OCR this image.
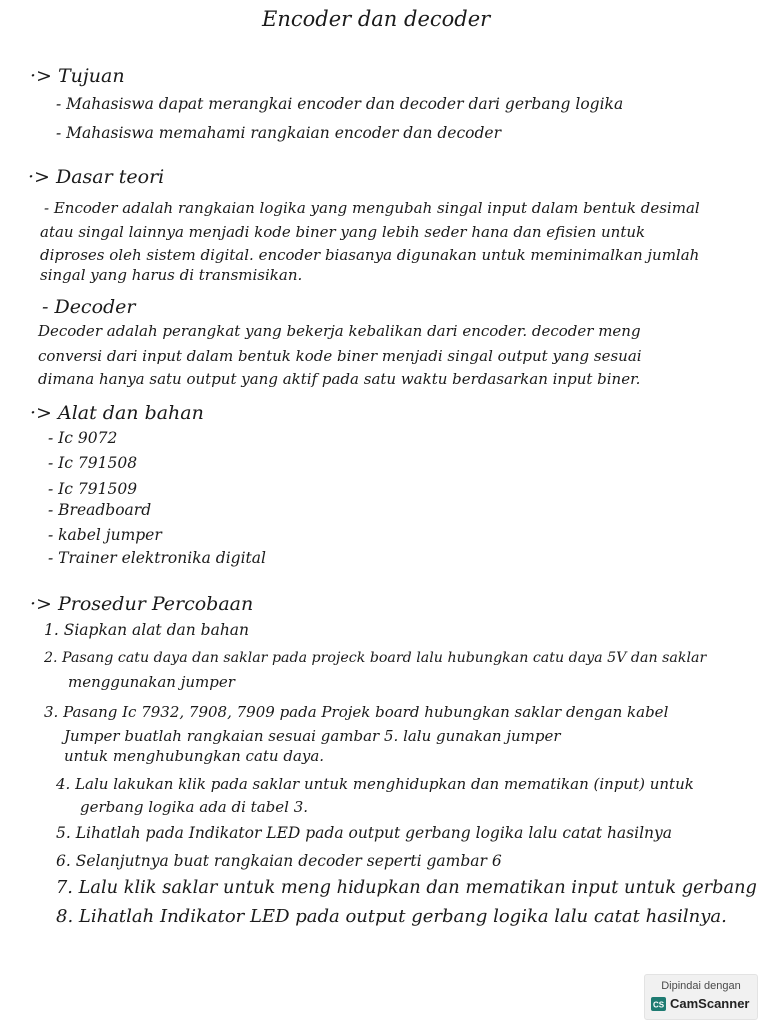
Encoder dan decoder
·> Tujuan
- Mahasiswa dapat merangkai encoder dan decoder dari gerbang logika
- Mahasiswa memahami rangkaian encoder dan decoder
·> Dasar teori
- Encoder adalah rangkaian logika yang mengubah singal input dalam bentuk desimal
atau singal lainnya menjadi kode biner yang lebih seder hana dan efisien untuk
diproses oleh sistem digital. encoder biasanya digunakan untuk meminimalkan jumlah
singal yang harus di transmisikan.
- Decoder
Decoder adalah perangkat yang bekerja kebalikan dari encoder. decoder meng
conversi dari input dalam bentuk kode biner menjadi singal output yang sesuai
dimana hanya satu output yang aktif pada satu waktu berdasarkan input biner.
·> Alat dan bahan
- Ic 9072
- Ic 791508
- Ic 791509
- Breadboard
- kabel jumper
- Trainer elektronika digital
·> Prosedur Percobaan
1. Siapkan alat dan bahan
2. Pasang catu daya dan saklar pada projeck board lalu hubungkan catu daya 5V dan saklar
menggunakan jumper
3. Pasang Ic 7932, 7908, 7909 pada Projek board hubungkan saklar dengan kabel
Jumper buatlah rangkaian sesuai gambar 5. lalu gunakan jumper
untuk menghubungkan catu daya.
4. Lalu lakukan klik pada saklar untuk menghidupkan dan mematikan (input) untuk
gerbang logika ada di tabel 3.
5. Lihatlah pada Indikator LED pada output gerbang logika lalu catat hasilnya
6. Selanjutnya buat rangkaian decoder seperti gambar 6
7. Lalu klik saklar untuk meng hidupkan dan mematikan input untuk gerbang
8. Lihatlah Indikator LED pada output gerbang logika lalu catat hasilnya.
Dipindai dengan
CS CamScanner
